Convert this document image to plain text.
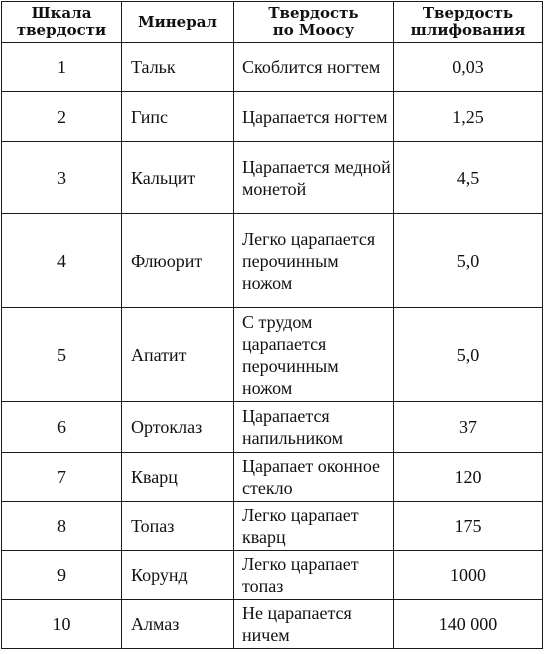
Шкала твердости	Минерал	Твердость по Моосу	Твердость шлифования

1	Тальк	Скоблится ногтем	0,03
2	Гипс	Царапается ногтем	1,25
3	Кальцит	Царапается медной монетой	4,5
4	Флюорит	Легко царапается перочинным ножом	5,0
5	Апатит	С трудом царапается перочинным ножом	5,0
6	Ортоклаз	Царапается напильником	37
7	Кварц	Царапает оконное стекло	120
8	Топаз	Легко царапает кварц	175
9	Корунд	Легко царапает топаз	1000
10	Алмаз	Не царапается ничем	140 000
